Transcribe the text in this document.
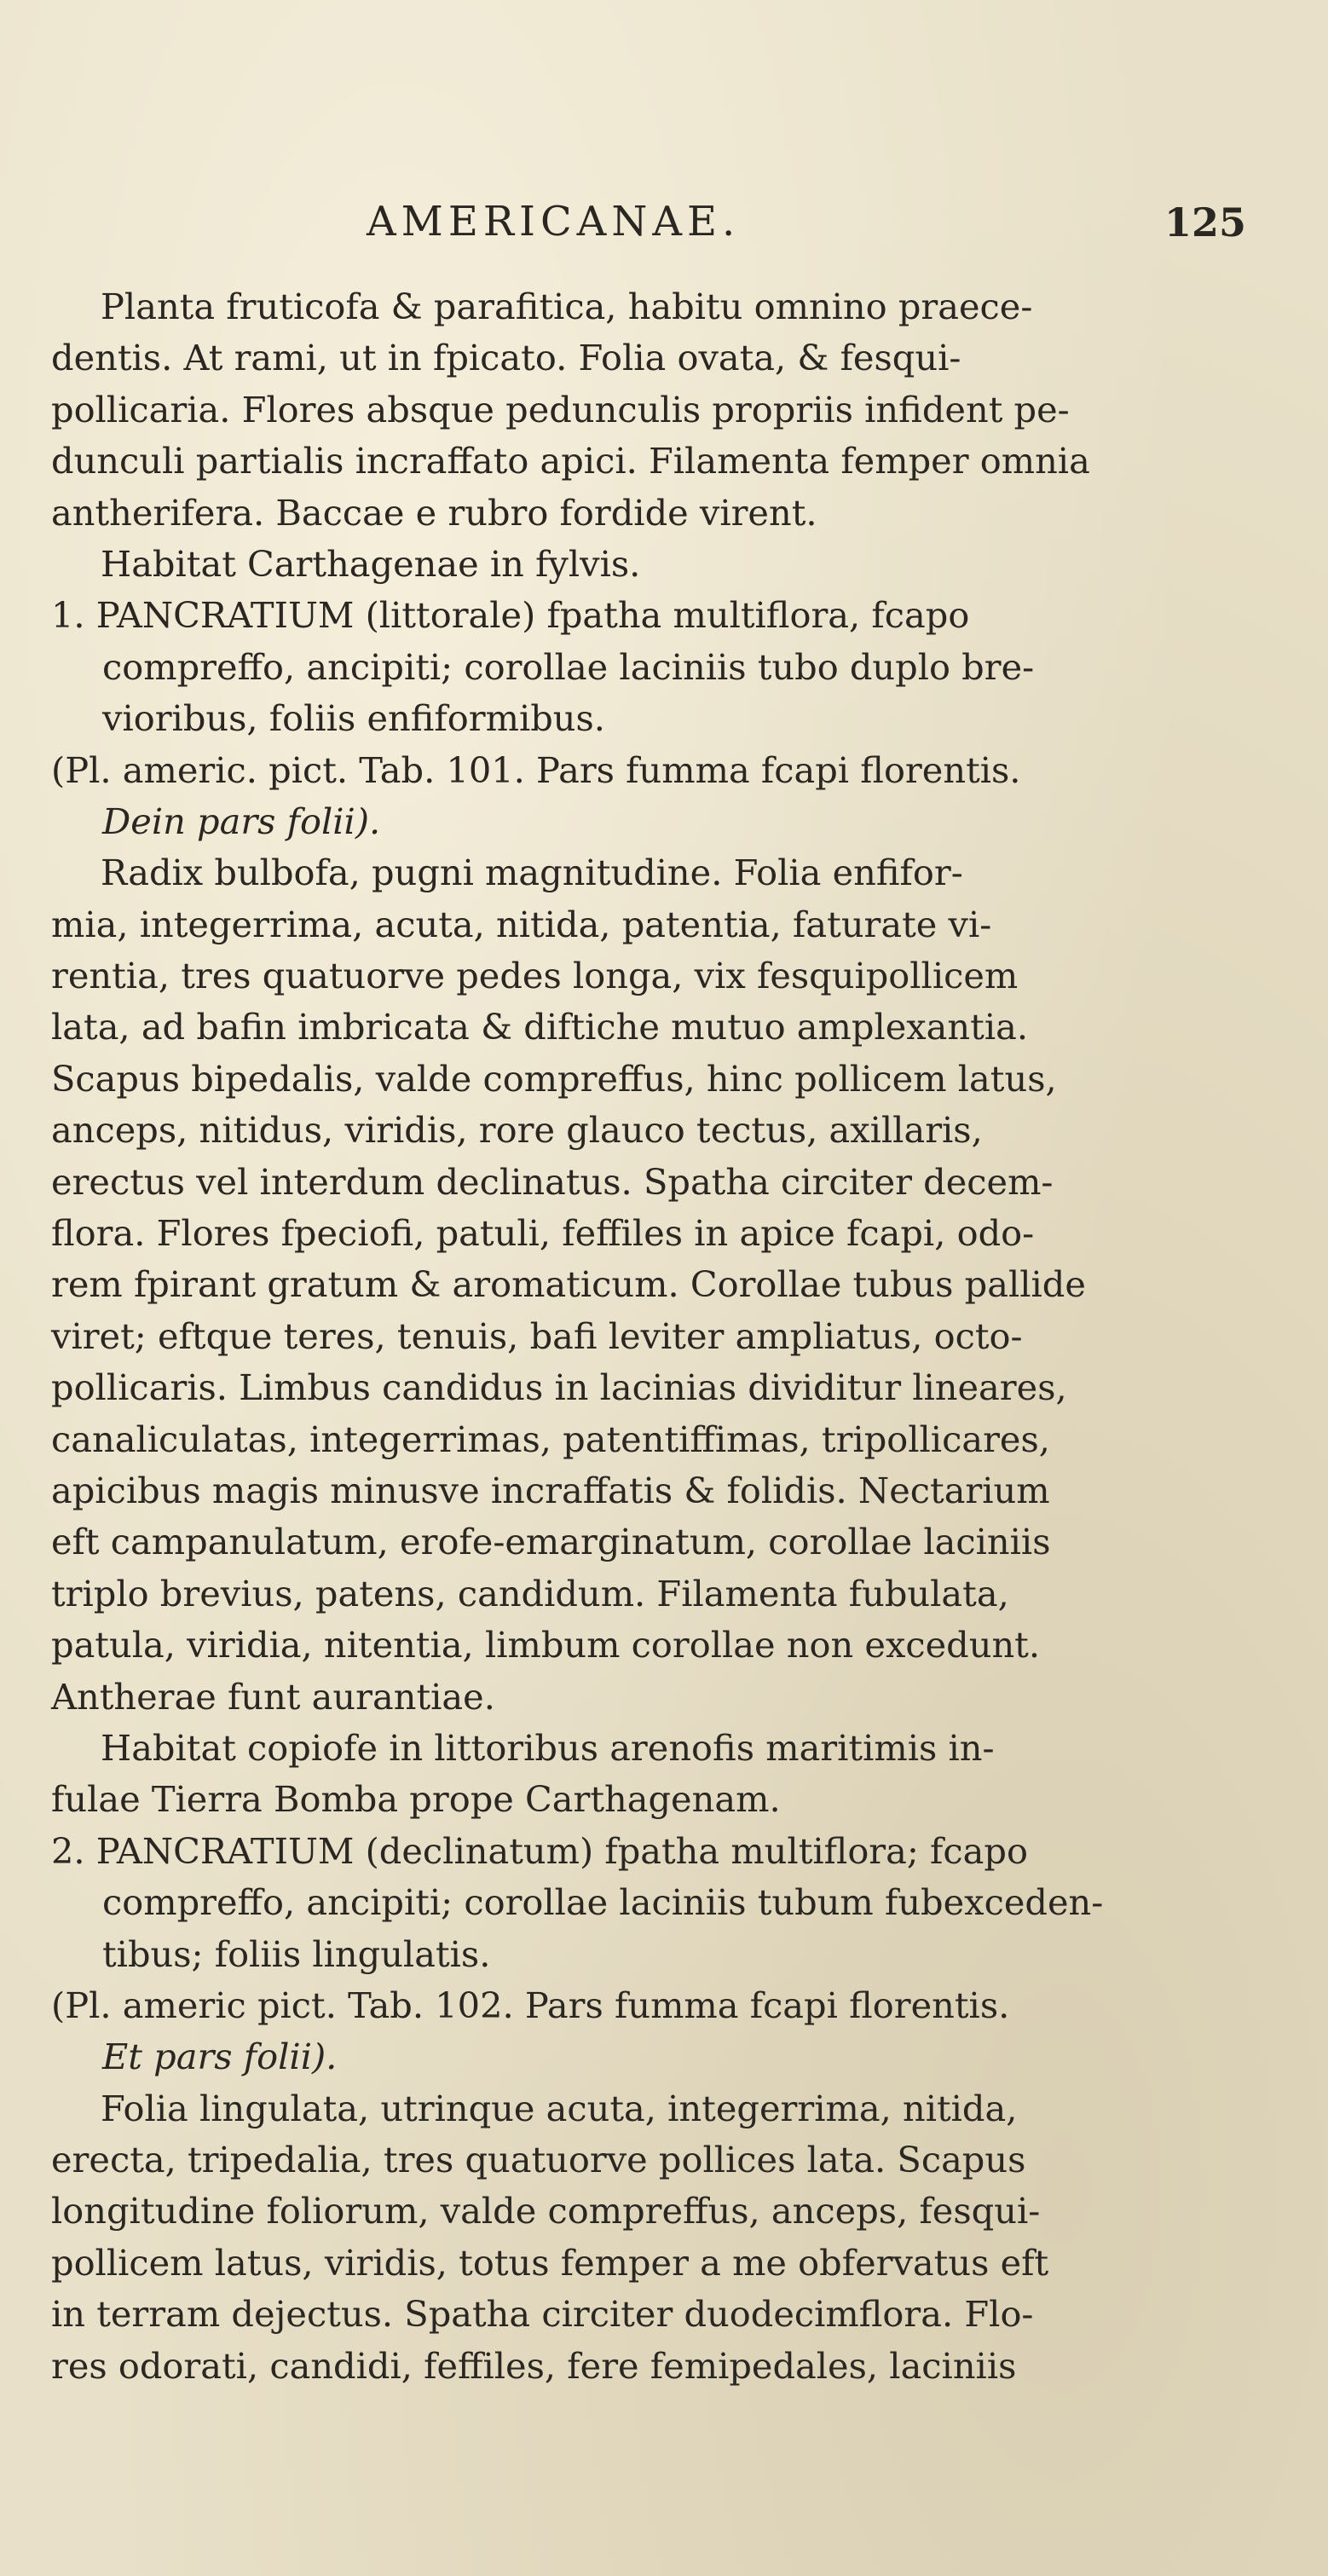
AMERICANAE.	125
Planta fruticofa & parafitica, habitu omnino praece-
dentis. At rami, ut in fpicato. Folia ovata, & fesqui-
pollicaria. Flores absque pedunculis propriis infident pe-
dunculi partialis incraffato apici. Filamenta femper omnia
antherifera. Baccae e rubro fordide virent.
Habitat Carthagenae in fylvis.
1. PANCRATIUM (littorale) fpatha multiflora, fcapo
compreffo, ancipiti; corollae laciniis tubo duplo bre-
vioribus, foliis enfiformibus.
(Pl. americ. pict. Tab. 101. Pars fumma fcapi florentis.
Dein pars folii).
Radix bulbofa, pugni magnitudine. Folia enfifor-
mia, integerrima, acuta, nitida, patentia, faturate vi-
rentia, tres quatuorve pedes longa, vix fesquipollicem
lata, ad bafin imbricata & diftiche mutuo amplexantia.
Scapus bipedalis, valde compreffus, hinc pollicem latus,
anceps, nitidus, viridis, rore glauco tectus, axillaris,
erectus vel interdum declinatus. Spatha circiter decem-
flora. Flores fpeciofi, patuli, feffiles in apice fcapi, odo-
rem fpirant gratum & aromaticum. Corollae tubus pallide
viret; eftque teres, tenuis, bafi leviter ampliatus, octo-
pollicaris. Limbus candidus in lacinias dividitur lineares,
canaliculatas, integerrimas, patentiffimas, tripollicares,
apicibus magis minusve incraffatis & folidis. Nectarium
eft campanulatum, erofe-emarginatum, corollae laciniis
triplo brevius, patens, candidum. Filamenta fubulata,
patula, viridia, nitentia, limbum corollae non excedunt.
Antherae funt aurantiae.
Habitat copiofe in littoribus arenofis maritimis in-
fulae Tierra Bomba prope Carthagenam.
2. PANCRATIUM (declinatum) fpatha multiflora; fcapo
compreffo, ancipiti; corollae laciniis tubum fubexceden-
tibus; foliis lingulatis.
(Pl. americ pict. Tab. 102. Pars fumma fcapi florentis.
Et pars folii).
Folia lingulata, utrinque acuta, integerrima, nitida,
erecta, tripedalia, tres quatuorve pollices lata. Scapus
longitudine foliorum, valde compreffus, anceps, fesqui-
pollicem latus, viridis, totus femper a me obfervatus eft
in terram dejectus. Spatha circiter duodecimflora. Flo-
res odorati, candidi, feffiles, fere femipedales, laciniis
